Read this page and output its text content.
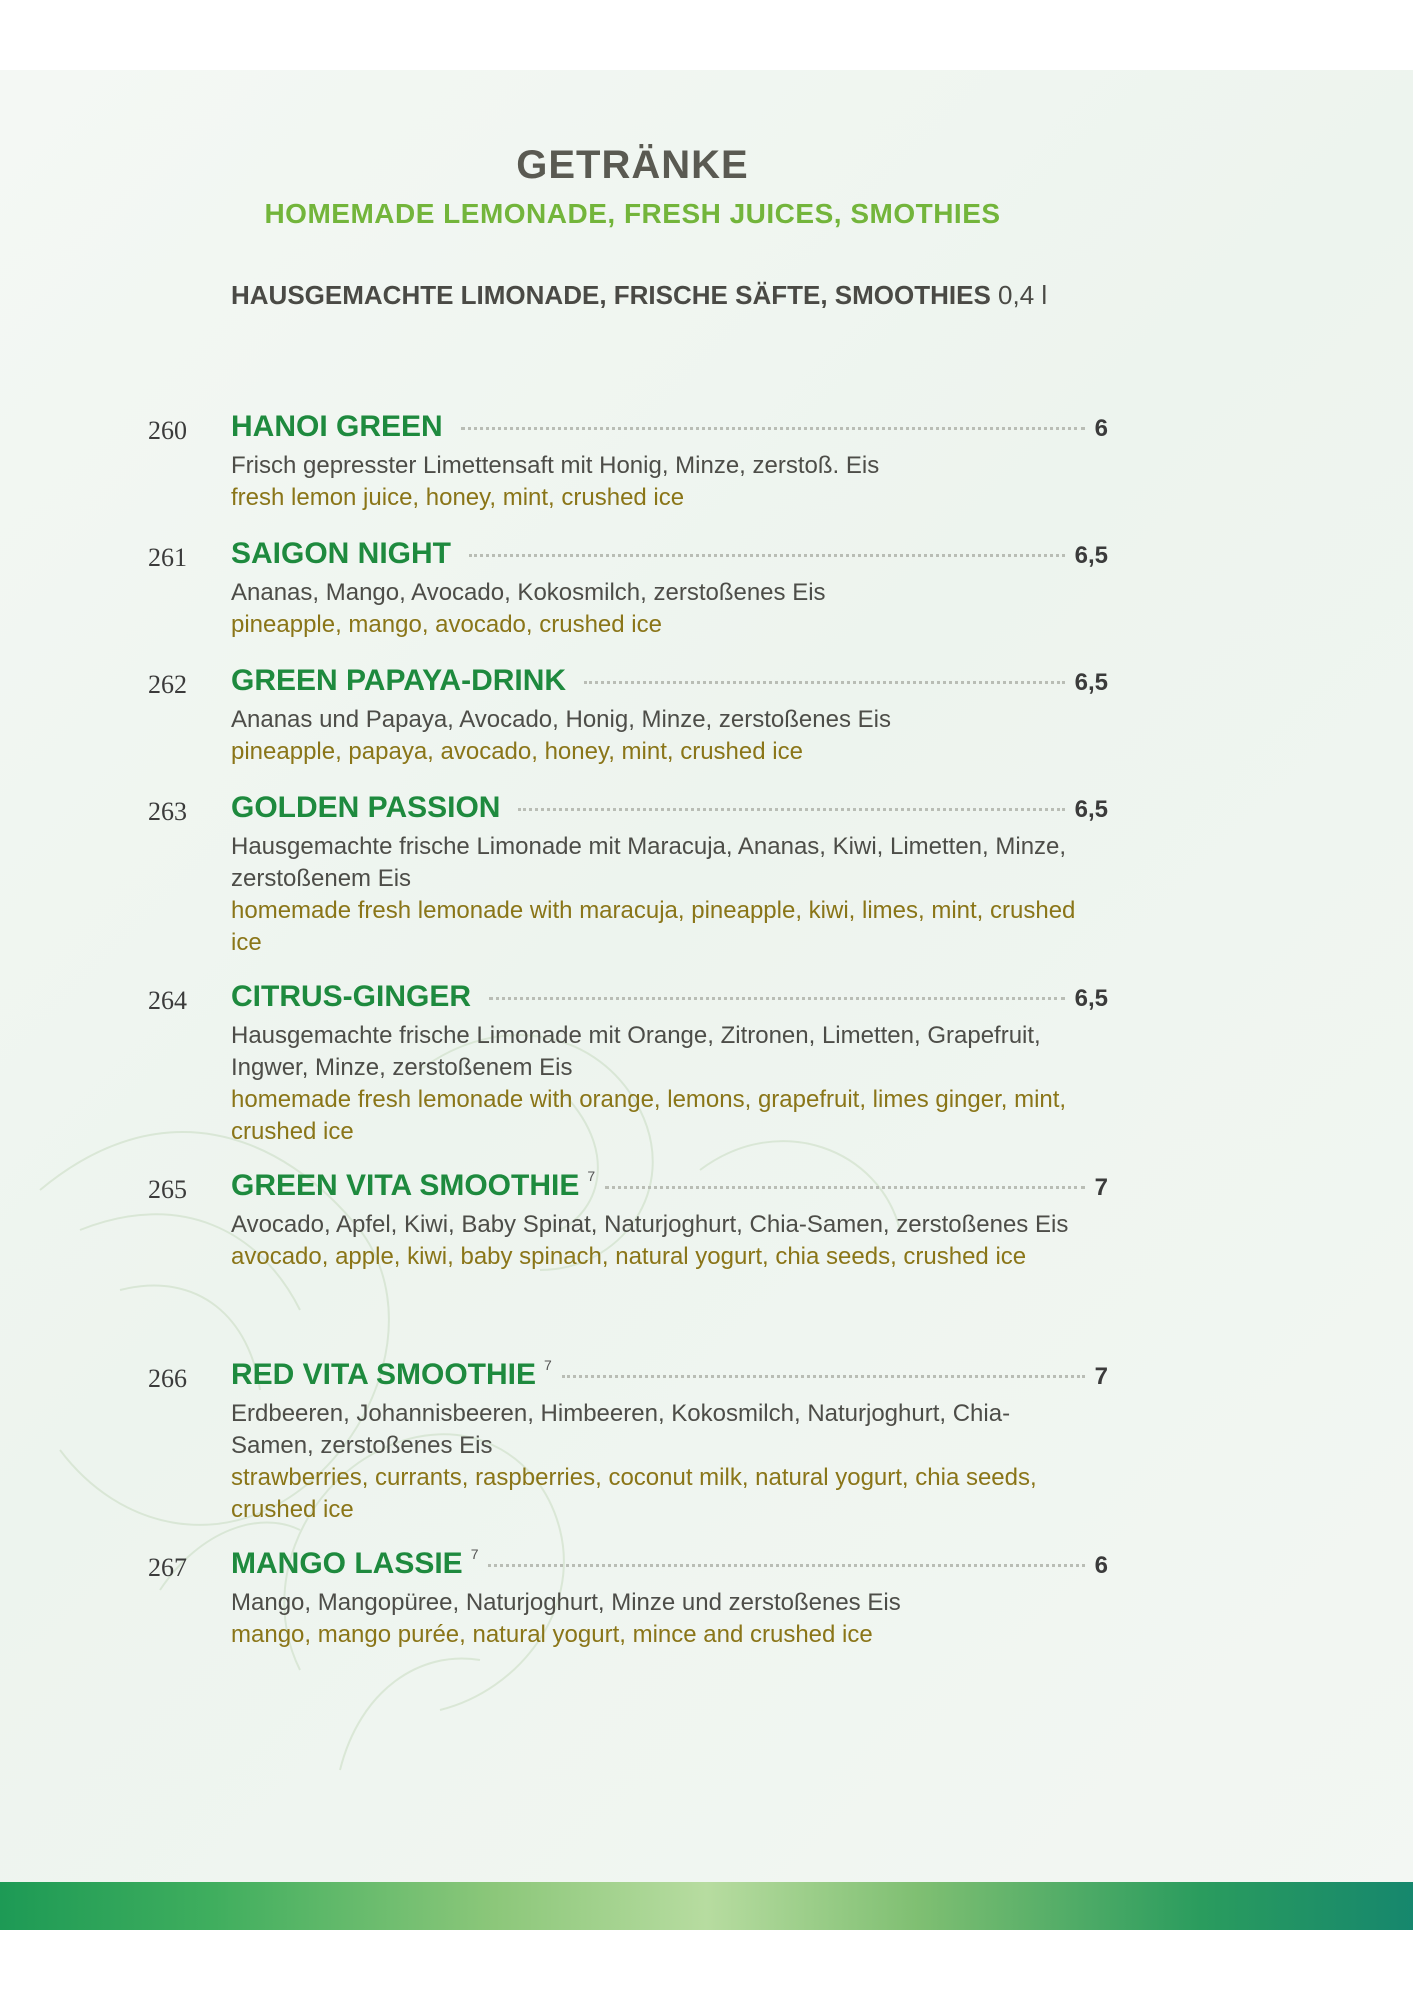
GETRÄNKE
HOMEMADE LEMONADE, FRESH JUICES, SMOTHIES
HAUSGEMACHTE LIMONADE, FRISCHE SÄFTE, SMOOTHIES 0,4 l
260 HANOI GREEN	6
Frisch gepresster Limettensaft mit Honig, Minze, zerstoß. Eis
fresh lemon juice, honey, mint, crushed ice
261 SAIGON NIGHT	6,5
Ananas, Mango, Avocado, Kokosmilch, zerstoßenes Eis
pineapple, mango, avocado, crushed ice
262 GREEN PAPAYA-DRINK	6,5
Ananas und Papaya, Avocado, Honig, Minze, zerstoßenes Eis
pineapple, papaya, avocado, honey, mint, crushed ice
263 GOLDEN PASSION	6,5
Hausgemachte frische Limonade mit Maracuja, Ananas, Kiwi, Limetten, Minze, zerstoßenem Eis
homemade fresh lemonade with maracuja, pineapple, kiwi, limes, mint, crushed ice
264 CITRUS-GINGER	6,5
Hausgemachte frische Limonade mit Orange, Zitronen, Limetten, Grapefruit, Ingwer, Minze, zerstoßenem Eis
homemade fresh lemonade with orange, lemons, grapefruit, limes ginger, mint, crushed ice
265 GREEN VITA SMOOTHIE 7	7
Avocado, Apfel, Kiwi, Baby Spinat, Naturjoghurt, Chia-Samen, zerstoßenes Eis
avocado, apple, kiwi, baby spinach, natural yogurt, chia seeds, crushed ice
266 RED VITA SMOOTHIE 7	7
Erdbeeren, Johannisbeeren, Himbeeren, Kokosmilch, Naturjoghurt, Chia-Samen, zerstoßenes Eis
strawberries, currants, raspberries, coconut milk, natural yogurt, chia seeds, crushed ice
267 MANGO LASSIE 7	6
Mango, Mangopüree, Naturjoghurt, Minze und zerstoßenes Eis
mango, mango purée, natural yogurt, mince and crushed ice
